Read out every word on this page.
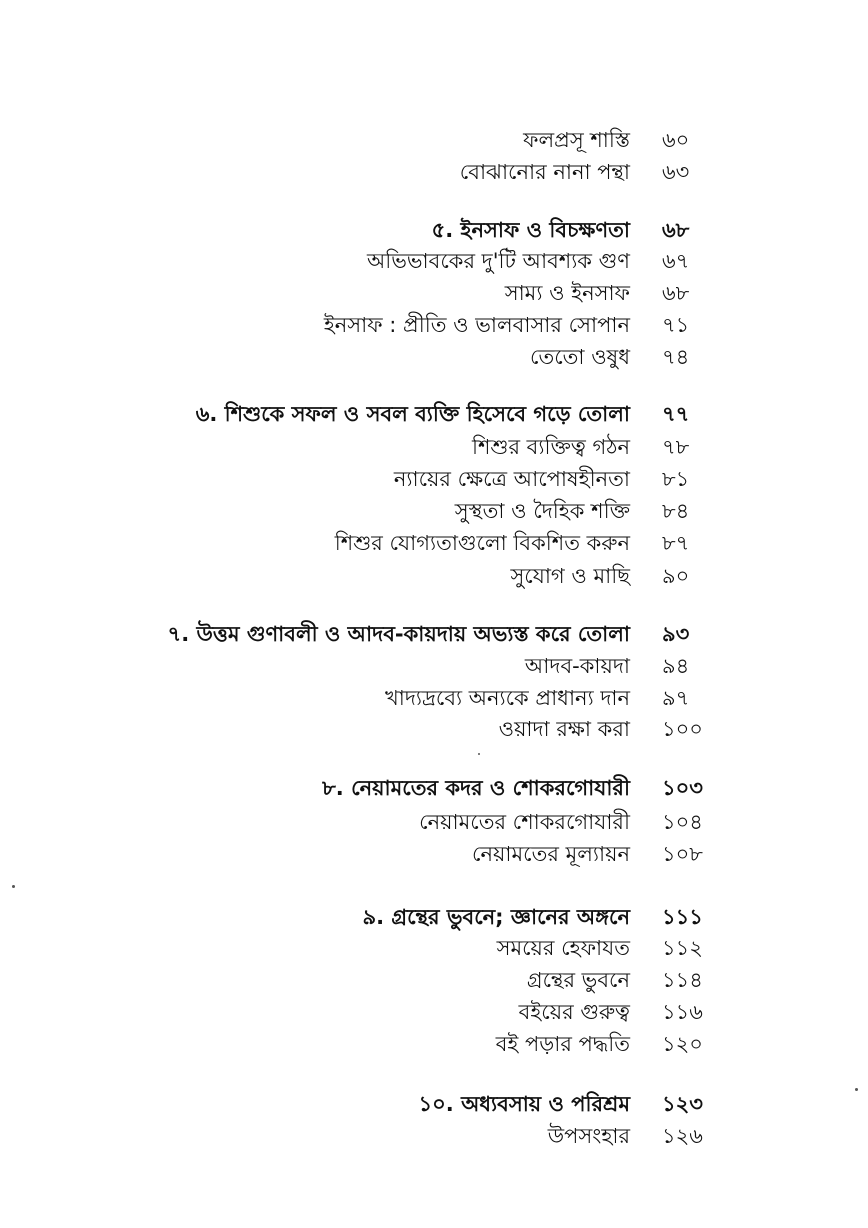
ফলপ্রসূ শাস্তি ৬০
বোঝানোর নানা পন্থা ৬৩
৫. ইনসাফ ও বিচক্ষণতা ৬৮
অভিভাবকের দু'টি আবশ্যক গুণ ৬৭
সাম্য ও ইনসাফ ৬৮
ইনসাফ : প্রীতি ও ভালবাসার সোপান ৭১
তেতো ওষুধ ৭৪
৬. শিশুকে সফল ও সবল ব্যক্তি হিসেবে গড়ে তোলা ৭৭
শিশুর ব্যক্তিত্ব গঠন ৭৮
ন্যায়ের ক্ষেত্রে আপোষহীনতা ৮১
সুস্থতা ও দৈহিক শক্তি ৮৪
শিশুর যোগ্যতাগুলো বিকশিত করুন ৮৭
সুযোগ ও মাছি ৯০
৭. উত্তম গুণাবলী ও আদব-কায়দায় অভ্যস্ত করে তোলা ৯৩
আদব-কায়দা ৯৪
খাদ্যদ্রব্যে অন্যকে প্রাধান্য দান ৯৭
ওয়াদা রক্ষা করা ১০০
৮. নেয়ামতের কদর ও শোকরগোযারী ১০৩
নেয়ামতের শোকরগোযারী ১০৪
নেয়ামতের মূল্যায়ন ১০৮
৯. গ্রন্থের ভুবনে; জ্ঞানের অঙ্গনে ১১১
সময়ের হেফাযত ১১২
গ্রন্থের ভুবনে ১১৪
বইয়ের গুরুত্ব ১১৬
বই পড়ার পদ্ধতি ১২০
১০. অধ্যবসায় ও পরিশ্রম ১২৩
উপসংহার ১২৬
